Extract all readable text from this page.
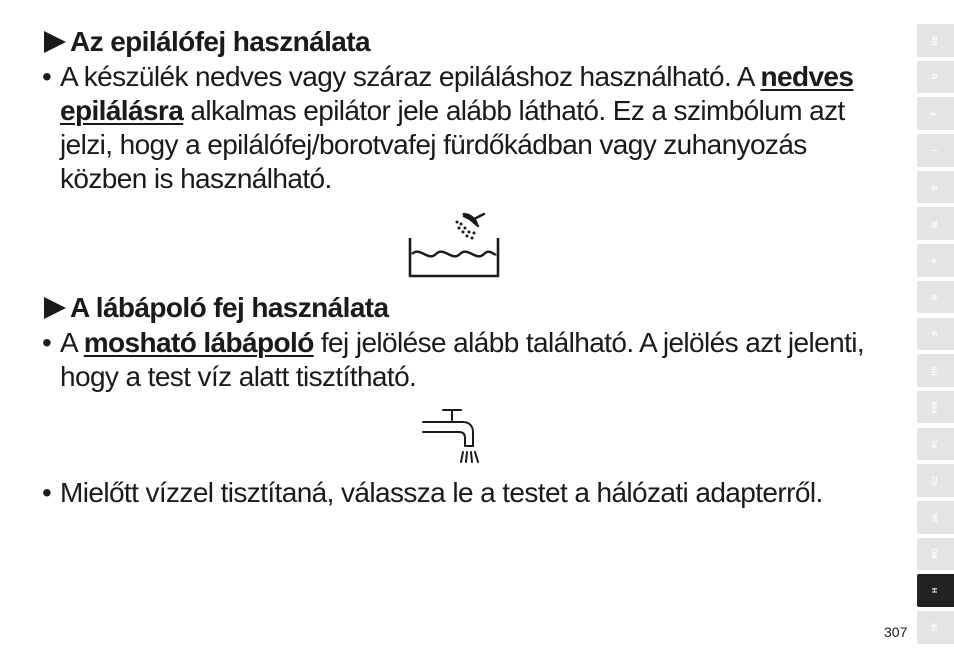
Az epilálófej használata
• A készülék nedves vagy száraz epiláláshoz használható. A nedves epilálásra alkalmas epilátor jele alább látható. Ez a szimbólum azt jelzi, hogy a epilálófej/borotvafej fürdőkádban vagy zuhanyozás közben is használható.
A lábápoló fej használata
• A mosható lábápoló fej jelölése alább található. A jelölés azt jelenti, hogy a test víz alatt tisztítható.
• Mielőtt vízzel tisztítaná, válassza le a testet a hálózati adapterről.
GB
D
F
I
E
NL
P
N
S
DK
FIN
PL
CZ
SK
RO
H
TR
307
